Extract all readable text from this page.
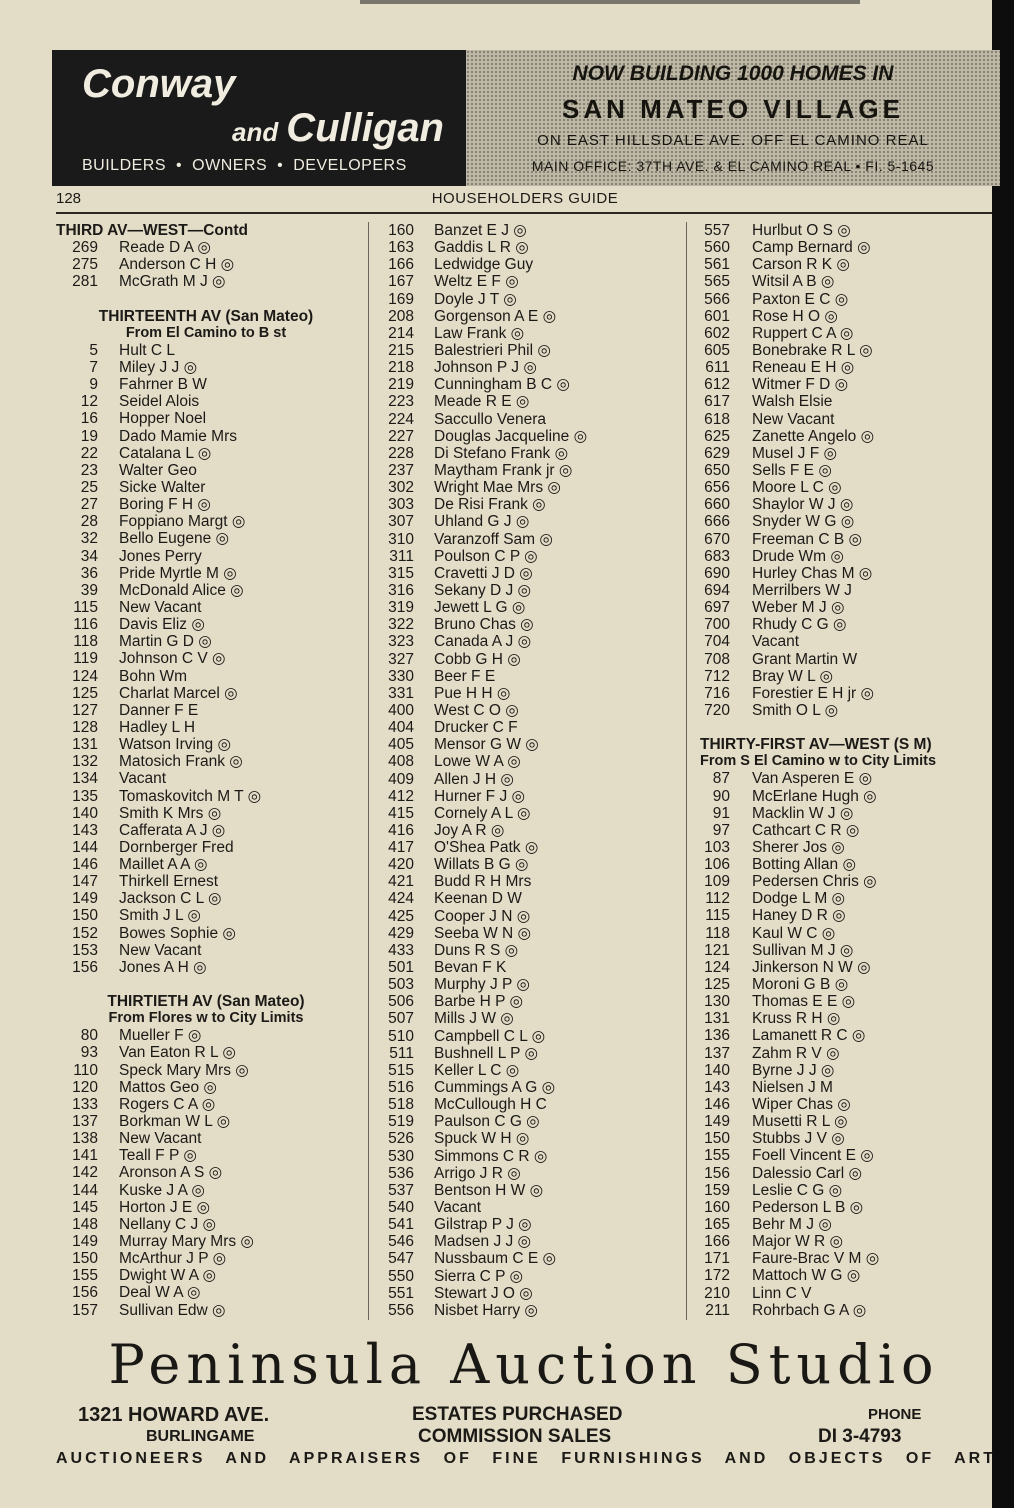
Conway
and Culligan
BUILDERS • OWNERS • DEVELOPERS
NOW BUILDING 1000 HOMES IN
SAN MATEO VILLAGE
ON EAST HILLSDALE AVE. OFF EL CAMINO REAL
MAIN OFFICE: 37TH AVE. & EL CAMINO REAL • FI. 5-1645
128	HOUSEHOLDERS GUIDE
THIRD AV—WEST—Contd
269 Reade D A ◎
275 Anderson C H ◎
281 McGrath M J ◎
THIRTEENTH AV (San Mateo)
From El Camino to B st
5 Hult C L
7 Miley J J ◎
9 Fahrner B W
12 Seidel Alois
16 Hopper Noel
19 Dado Mamie Mrs
22 Catalana L ◎
23 Walter Geo
25 Sicke Walter
27 Boring F H ◎
28 Foppiano Margt ◎
32 Bello Eugene ◎
34 Jones Perry
36 Pride Myrtle M ◎
39 McDonald Alice ◎
115 New Vacant
116 Davis Eliz ◎
118 Martin G D ◎
119 Johnson C V ◎
124 Bohn Wm
125 Charlat Marcel ◎
127 Danner F E
128 Hadley L H
131 Watson Irving ◎
132 Matosich Frank ◎
134 Vacant
135 Tomaskovitch M T ◎
140 Smith K Mrs ◎
143 Cafferata A J ◎
144 Dornberger Fred
146 Maillet A A ◎
147 Thirkell Ernest
149 Jackson C L ◎
150 Smith J L ◎
152 Bowes Sophie ◎
153 New Vacant
156 Jones A H ◎
THIRTIETH AV (San Mateo)
From Flores w to City Limits
80 Mueller F ◎
93 Van Eaton R L ◎
110 Speck Mary Mrs ◎
120 Mattos Geo ◎
133 Rogers C A ◎
137 Borkman W L ◎
138 New Vacant
141 Teall F P ◎
142 Aronson A S ◎
144 Kuske J A ◎
145 Horton J E ◎
148 Nellany C J ◎
149 Murray Mary Mrs ◎
150 McArthur J P ◎
155 Dwight W A ◎
156 Deal W A ◎
157 Sullivan Edw ◎
160 Banzet E J ◎
163 Gaddis L R ◎
166 Ledwidge Guy
167 Weltz E F ◎
169 Doyle J T ◎
208 Gorgenson A E ◎
214 Law Frank ◎
215 Balestrieri Phil ◎
218 Johnson P J ◎
219 Cunningham B C ◎
223 Meade R E ◎
224 Saccullo Venera
227 Douglas Jacqueline ◎
228 Di Stefano Frank ◎
237 Maytham Frank jr ◎
302 Wright Mae Mrs ◎
303 De Risi Frank ◎
307 Uhland G J ◎
310 Varanzoff Sam ◎
311 Poulson C P ◎
315 Cravetti J D ◎
316 Sekany D J ◎
319 Jewett L G ◎
322 Bruno Chas ◎
323 Canada A J ◎
327 Cobb G H ◎
330 Beer F E
331 Pue H H ◎
400 West C O ◎
404 Drucker C F
405 Mensor G W ◎
408 Lowe W A ◎
409 Allen J H ◎
412 Hurner F J ◎
415 Cornely A L ◎
416 Joy A R ◎
417 O'Shea Patk ◎
420 Willats B G ◎
421 Budd R H Mrs
424 Keenan D W
425 Cooper J N ◎
429 Seeba W N ◎
433 Duns R S ◎
501 Bevan F K
503 Murphy J P ◎
506 Barbe H P ◎
507 Mills J W ◎
510 Campbell C L ◎
511 Bushnell L P ◎
515 Keller L C ◎
516 Cummings A G ◎
518 McCullough H C
519 Paulson C G ◎
526 Spuck W H ◎
530 Simmons C R ◎
536 Arrigo J R ◎
537 Bentson H W ◎
540 Vacant
541 Gilstrap P J ◎
546 Madsen J J ◎
547 Nussbaum C E ◎
550 Sierra C P ◎
551 Stewart J O ◎
556 Nisbet Harry ◎
557 Hurlbut O S ◎
560 Camp Bernard ◎
561 Carson R K ◎
565 Witsil A B ◎
566 Paxton E C ◎
601 Rose H O ◎
602 Ruppert C A ◎
605 Bonebrake R L ◎
611 Reneau E H ◎
612 Witmer F D ◎
617 Walsh Elsie
618 New Vacant
625 Zanette Angelo ◎
629 Musel J F ◎
650 Sells F E ◎
656 Moore L C ◎
660 Shaylor W J ◎
666 Snyder W G ◎
670 Freeman C B ◎
683 Drude Wm ◎
690 Hurley Chas M ◎
694 Merrilbers W J
697 Weber M J ◎
700 Rhudy C G ◎
704 Vacant
708 Grant Martin W
712 Bray W L ◎
716 Forestier E H jr ◎
720 Smith O L ◎
THIRTY-FIRST AV—WEST (S M)
From S El Camino w to City Limits
87 Van Asperen E ◎
90 McErlane Hugh ◎
91 Macklin W J ◎
97 Cathcart C R ◎
103 Sherer Jos ◎
106 Botting Allan ◎
109 Pedersen Chris ◎
112 Dodge L M ◎
115 Haney D R ◎
118 Kaul W C ◎
121 Sullivan M J ◎
124 Jinkerson N W ◎
125 Moroni G B ◎
130 Thomas E E ◎
131 Kruss R H ◎
136 Lamanett R C ◎
137 Zahm R V ◎
140 Byrne J J ◎
143 Nielsen J M
146 Wiper Chas ◎
149 Musetti R L ◎
150 Stubbs J V ◎
155 Foell Vincent E ◎
156 Dalessio Carl ◎
159 Leslie C G ◎
160 Pederson L B ◎
165 Behr M J ◎
166 Major W R ◎
171 Faure-Brac V M ◎
172 Mattoch W G ◎
210 Linn C V
211 Rohrbach G A ◎
Peninsula Auction Studio
1321 HOWARD AVE.
BURLINGAME
ESTATES PURCHASED
COMMISSION SALES
PHONE
DI 3-4793
AUCTIONEERS AND APPRAISERS OF FINE FURNISHINGS AND OBJECTS OF ART
